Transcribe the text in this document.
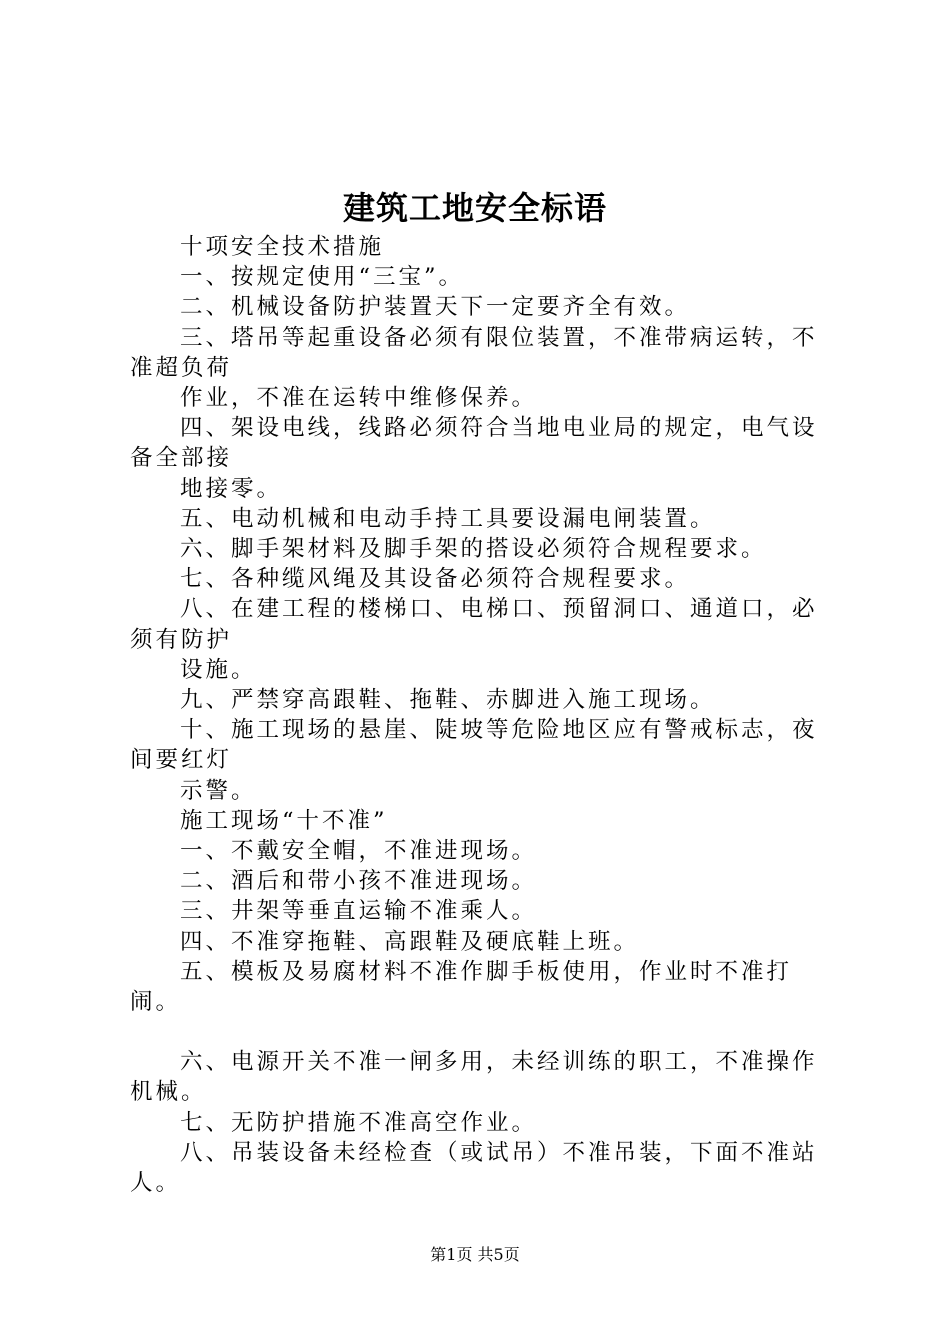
建筑工地安全标语

十项安全技术措施

一、按规定使用“三宝”。

二、机械设备防护装置天下一定要齐全有效。

三、塔吊等起重设备必须有限位装置，不准带病运转，不准超负荷

作业，不准在运转中维修保养。

四、架设电线，线路必须符合当地电业局的规定，电气设备全部接

地接零。

五、电动机械和电动手持工具要设漏电闸装置。

六、脚手架材料及脚手架的搭设必须符合规程要求。

七、各种缆风绳及其设备必须符合规程要求。

八、在建工程的楼梯口、电梯口、预留洞口、通道口，必须有防护

设施。

九、严禁穿高跟鞋、拖鞋、赤脚进入施工现场。

十、施工现场的悬崖、陡坡等危险地区应有警戒标志，夜间要红灯

示警。

施工现场“十不准”

一、不戴安全帽，不准进现场。

二、酒后和带小孩不准进现场。

三、井架等垂直运输不准乘人。

四、不准穿拖鞋、高跟鞋及硬底鞋上班。

五、模板及易腐材料不准作脚手板使用，作业时不准打闹。

六、电源开关不准一闸多用，未经训练的职工，不准操作机械。

七、无防护措施不准高空作业。

八、吊装设备未经检查（或试吊）不准吊装，下面不准站人。

第1页 共5页
